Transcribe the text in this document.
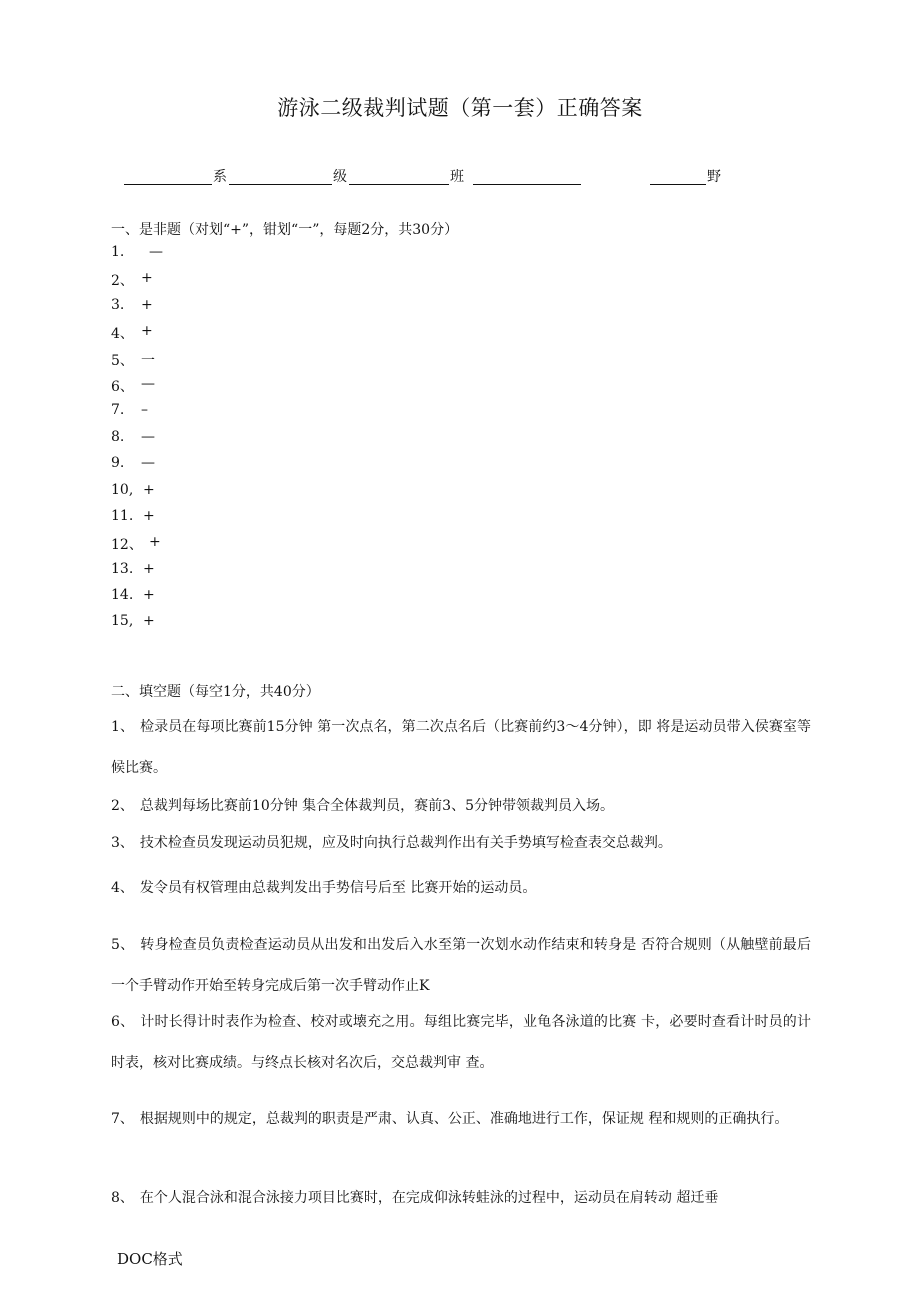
游泳二级裁判试题（第一套）正确答案
系	级	班	野
一、是非题（对划“+”，钳划“一”，每题2分，共30分）
1. —
2、 +
3. +
4、 +
5、 一
6、 —
7. –
8. —
9. —
10, +
11. +
12、 +
13. +
14. +
15, +
二、填空题（每空1分，共40分）
1、 检录员在每项比赛前15分钟 第一次点名，第二次点名后（比赛前约3～4分钟），即 将是运动员带入侯赛室等候比赛。
2、 总裁判每场比赛前10分钟 集合全体裁判员，赛前3、5分钟带领裁判员入场。
3、 技术检查员发现运动员犯规，应及时向执行总裁判作出有关手势填写检查表交总裁判。
4、 发令员有权管理由总裁判发出手势信号后至 比赛开始的运动员。
5、 转身检查员负责检查运动员从出发和出发后入水至第一次划水动作结束和转身是 否符合规则（从触壁前最后一个手臂动作开始至转身完成后第一次手臂动作止K
6、 计时长得计时表作为检查、校对或壊充之用。每组比赛完毕，业龟各泳道的比赛 卡，必要时查看计时员的计时表，核对比赛成绩。与终点长核对名次后，交总裁判审 查。
7、 根据规则中的规定，总裁判的职责是严肃、认真、公正、准确地进行工作，保证规 程和规则的正确执行。
8、 在个人混合泳和混合泳接力项目比赛时，在完成仰泳转蛙泳的过程中，运动员在肩转动 超迁垂
DOC格式
